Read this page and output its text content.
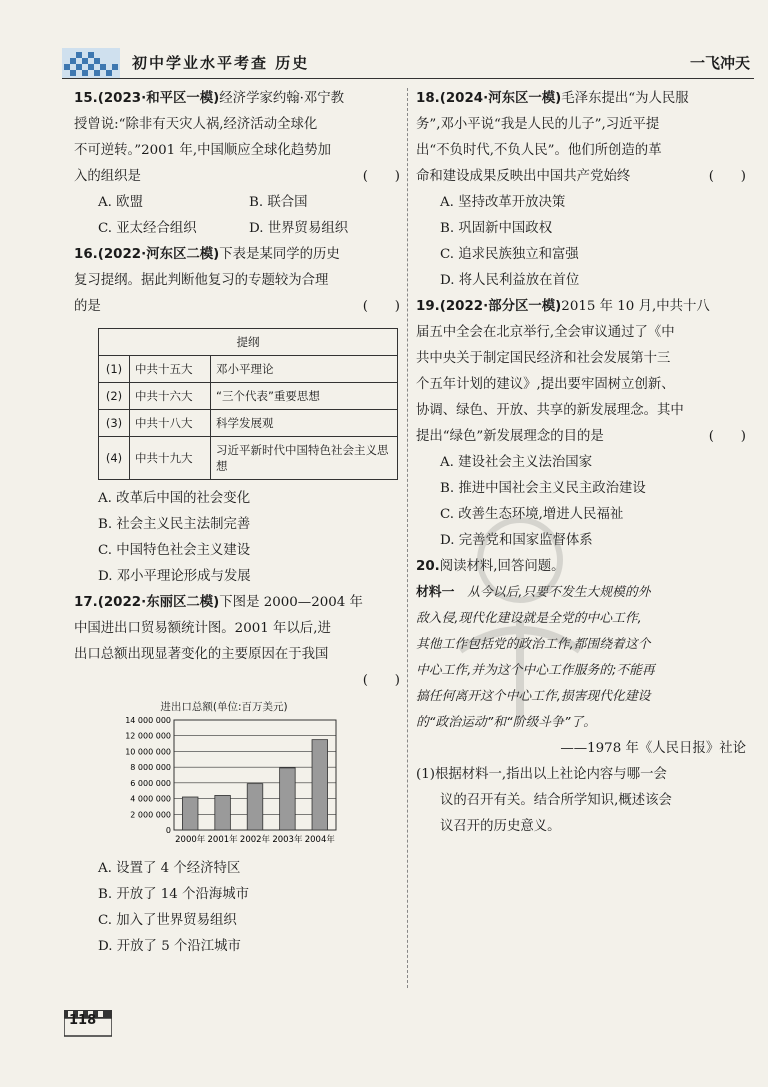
初中学业水平考查 历史	一飞冲天
15.(2023·和平区一模)经济学家约翰·邓宁教
授曾说:“除非有天灾人祸,经济活动全球化
不可逆转。”2001 年,中国顺应全球化趋势加
入的组织是	(　　)
A. 欧盟	B. 联合国
C. 亚太经合组织	D. 世界贸易组织
16.(2022·河东区二模)下表是某同学的历史
复习提纲。据此判断他复习的专题较为合理
的是	(　　)
提纲		
(1)	中共十五大	邓小平理论
(2)	中共十六大	“三个代表”重要思想
(3)	中共十八大	科学发展观
(4)	中共十九大	习近平新时代中国特色社会主义思想
A. 改革后中国的社会变化
B. 社会主义民主法制完善
C. 中国特色社会主义建设
D. 邓小平理论形成与发展
17.(2022·东丽区二模)下图是 2000—2004 年
中国进出口贸易额统计图。2001 年以后,进
出口总额出现显著变化的主要原因在于我国
(　　)
进出口总额(单位:百万美元)
0
2 000 000
4 000 000
6 000 000
8 000 000
10 000 000
12 000 000
14 000 000
2000年 2001年 2002年 2003年 2004年
A. 设置了 4 个经济特区
B. 开放了 14 个沿海城市
C. 加入了世界贸易组织
D. 开放了 5 个沿江城市
18.(2024·河东区一模)毛泽东提出“为人民服
务”,邓小平说“我是人民的儿子”,习近平提
出“不负时代,不负人民”。他们所创造的革
命和建设成果反映出中国共产党始终	(　　)
A. 坚持改革开放决策
B. 巩固新中国政权
C. 追求民族独立和富强
D. 将人民利益放在首位
19.(2022·部分区一模)2015 年 10 月,中共十八
届五中全会在北京举行,全会审议通过了《中
共中央关于制定国民经济和社会发展第十三
个五年计划的建议》,提出要牢固树立创新、
协调、绿色、开放、共享的新发展理念。其中
提出“绿色”新发展理念的目的是	(　　)
A. 建设社会主义法治国家
B. 推进中国社会主义民主政治建设
C. 改善生态环境,增进人民福祉
D. 完善党和国家监督体系
20.阅读材料,回答问题。
材料一　 从今以后,只要不发生大规模的外
敌入侵,现代化建设就是全党的中心工作,
其他工作包括党的政治工作,都围绕着这个
中心工作,并为这个中心工作服务的;不能再
搞任何离开这个中心工作,损害现代化建设
的“政治运动”和“阶级斗争”了。
——1978 年《人民日报》社论
(1)根据材料一,指出以上社论内容与哪一会
议的召开有关。结合所学知识,概述该会
议召开的历史意义。
118
